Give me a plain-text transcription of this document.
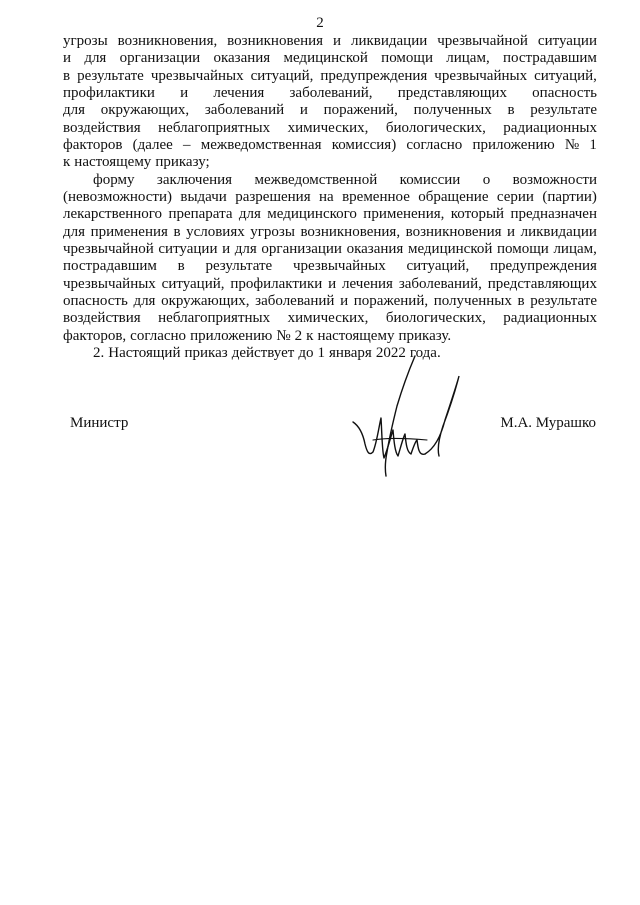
2
угрозы возникновения, возникновения и ликвидации чрезвычайной ситуации
и для организации оказания медицинской помощи лицам, пострадавшим
в результате чрезвычайных ситуаций, предупреждения чрезвычайных ситуаций,
профилактики и лечения заболеваний, представляющих опасность
для окружающих, заболеваний и поражений, полученных в результате
воздействия неблагоприятных химических, биологических, радиационных
факторов (далее – межведомственная комиссия) согласно приложению № 1
к настоящему приказу;
форму заключения межведомственной комиссии о возможности
(невозможности) выдачи разрешения на временное обращение серии (партии)
лекарственного препарата для медицинского применения, который предназначен
для применения в условиях угрозы возникновения, возникновения и ликвидации
чрезвычайной ситуации и для организации оказания медицинской помощи лицам,
пострадавшим в результате чрезвычайных ситуаций, предупреждения
чрезвычайных ситуаций, профилактики и лечения заболеваний, представляющих
опасность для окружающих, заболеваний и поражений, полученных в результате
воздействия неблагоприятных химических, биологических, радиационных
факторов, согласно приложению № 2 к настоящему приказу.
2. Настоящий приказ действует до 1 января 2022 года.
Министр	М.А. Мурашко
